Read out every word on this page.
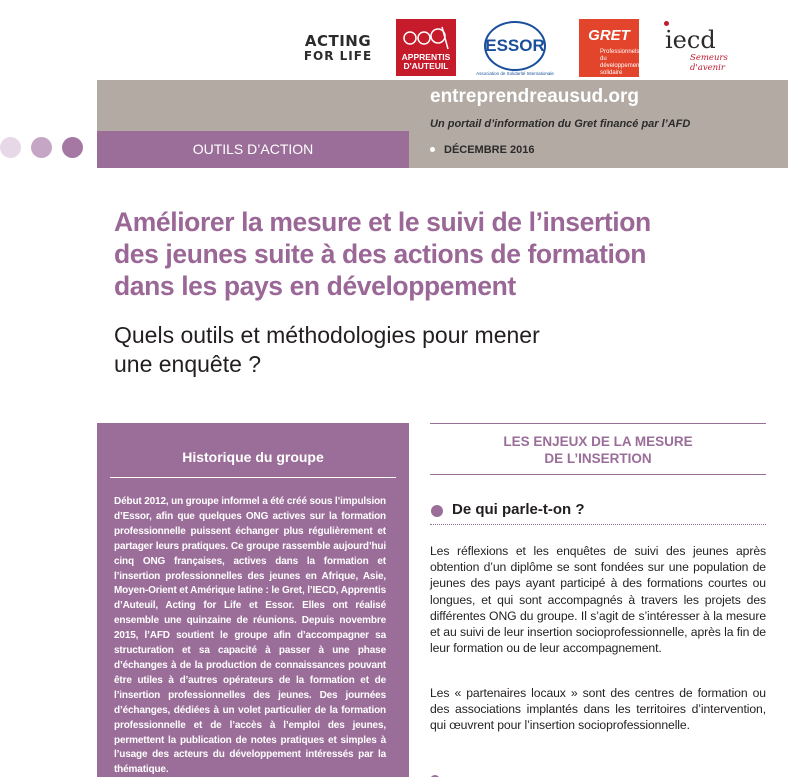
ACTING
FOR LIFE	APPRENTIS
D'AUTEUIL
ESSOR
Association de Solidarité Internationale
GRET
Professionnels du développement solidaire
iecd
Semeurs d'avenir
entreprendreausud.org
Un portail d’information du Gret financé par l’AFD
DÉCEMBRE 2016
OUTILS D’ACTION
Améliorer la mesure et le suivi de l’insertion
des jeunes suite à des actions de formation
dans les pays en développement
Quels outils et méthodologies pour mener
une enquête ?
Historique du groupe
Début 2012, un groupe informel a été créé sous l’impulsion d’Essor, afin que quelques ONG actives sur la formation professionnelle puissent échanger plus régulièrement et partager leurs pratiques. Ce groupe rassemble aujourd’hui cinq ONG françaises, actives dans la formation et l’insertion professionnelles des jeunes en Afrique, Asie, Moyen-Orient et Amérique latine : le Gret, l’IECD, Apprentis d’Auteuil, Acting for Life et Essor. Elles ont réalisé ensemble une quinzaine de réunions. Depuis novembre 2015, l’AFD soutient le groupe afin d’accompagner sa structuration et sa capacité à passer à une phase d’échanges à de la production de connaissances pouvant être utiles à d’autres opérateurs de la formation et de l’insertion professionnelles des jeunes. Des journées d’échanges, dédiées à un volet particulier de la formation professionnelle et de l’accès à l’emploi des jeunes, permettent la publication de notes pratiques et simples à l’usage des acteurs du développement intéressés par la thématique.
LES ENJEUX DE LA MESURE
DE L’INSERTION
De qui parle-t-on ?
Les réflexions et les enquêtes de suivi des jeunes après obtention d’un diplôme se sont fondées sur une population de jeunes des pays ayant participé à des formations courtes ou longues, et qui sont accompagnés à travers les projets des différentes ONG du groupe. Il s’agit de s’intéresser à la mesure et au suivi de leur insertion socioprofessionnelle, après la fin de leur formation ou de leur accompagnement.
Les « partenaires locaux » sont des centres de formation ou des associations implantés dans les territoires d’intervention, qui œuvrent pour l’insertion socioprofessionnelle.
